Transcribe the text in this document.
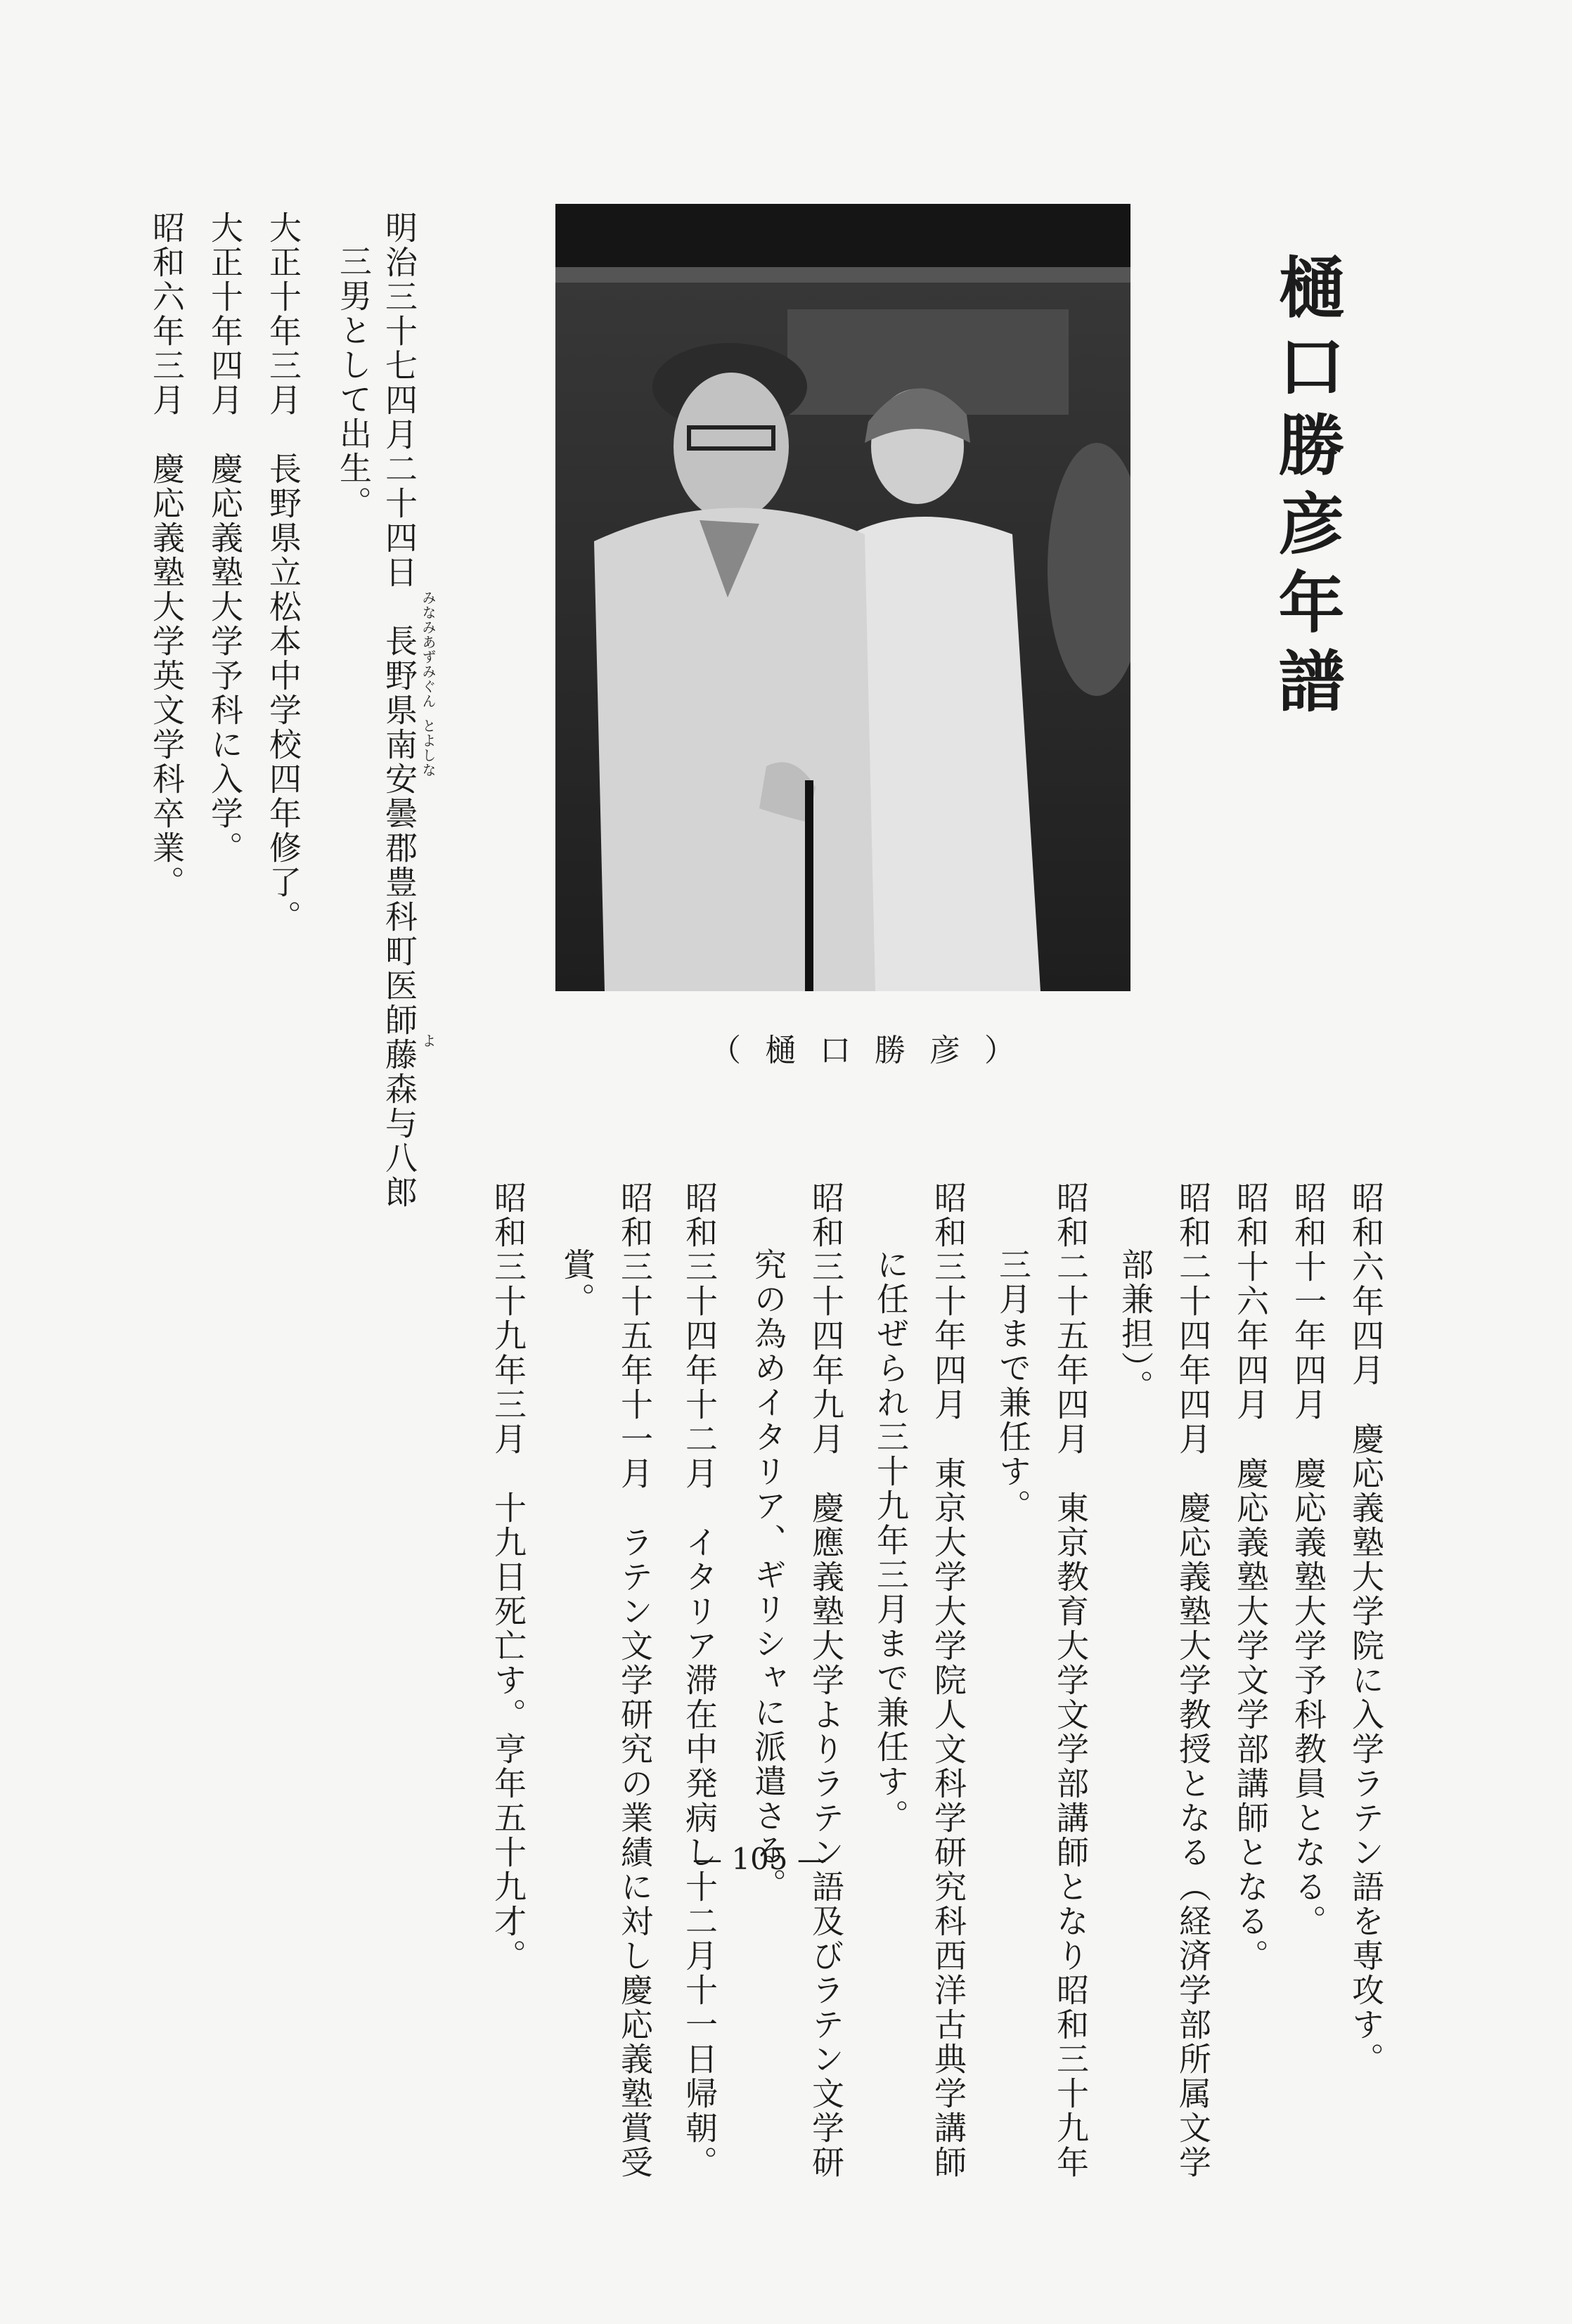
樋口勝彦年譜
（樋口勝彦）
明治三十七四月二十四日　長野県南安曇郡豊科町医師藤森与八郎
三男として出生。
大正十年三月　長野県立松本中学校四年修了。
大正十年四月　慶応義塾大学予科に入学。
昭和六年三月　慶応義塾大学英文学科卒業。	みなみあずみぐん
とよしな
よ
昭和六年四月　慶応義塾大学院に入学ラテン語を専攻す。
昭和十一年四月　慶応義塾大学予科教員となる。
昭和十六年四月　慶応義塾大学文学部講師となる。
昭和二十四年四月　慶応義塾大学教授となる（経済学部所属文学
部兼担）。
昭和二十五年四月　東京教育大学文学部講師となり昭和三十九年
三月まで兼任す。
昭和三十年四月　東京大学大学院人文科学研究科西洋古典学講師
に任ぜられ三十九年三月まで兼任す。
昭和三十四年九月　慶應義塾大学よりラテン語及びラテン文学研
究の為めイタリア、ギリシャに派遣さる。
昭和三十四年十二月　イタリア滞在中発病し十二月十一日帰朝。
昭和三十五年十一月　ラテン文学研究の業績に対し慶応義塾賞受
賞。
昭和三十九年三月　十九日死亡す。亨年五十九才。	— 105 —
